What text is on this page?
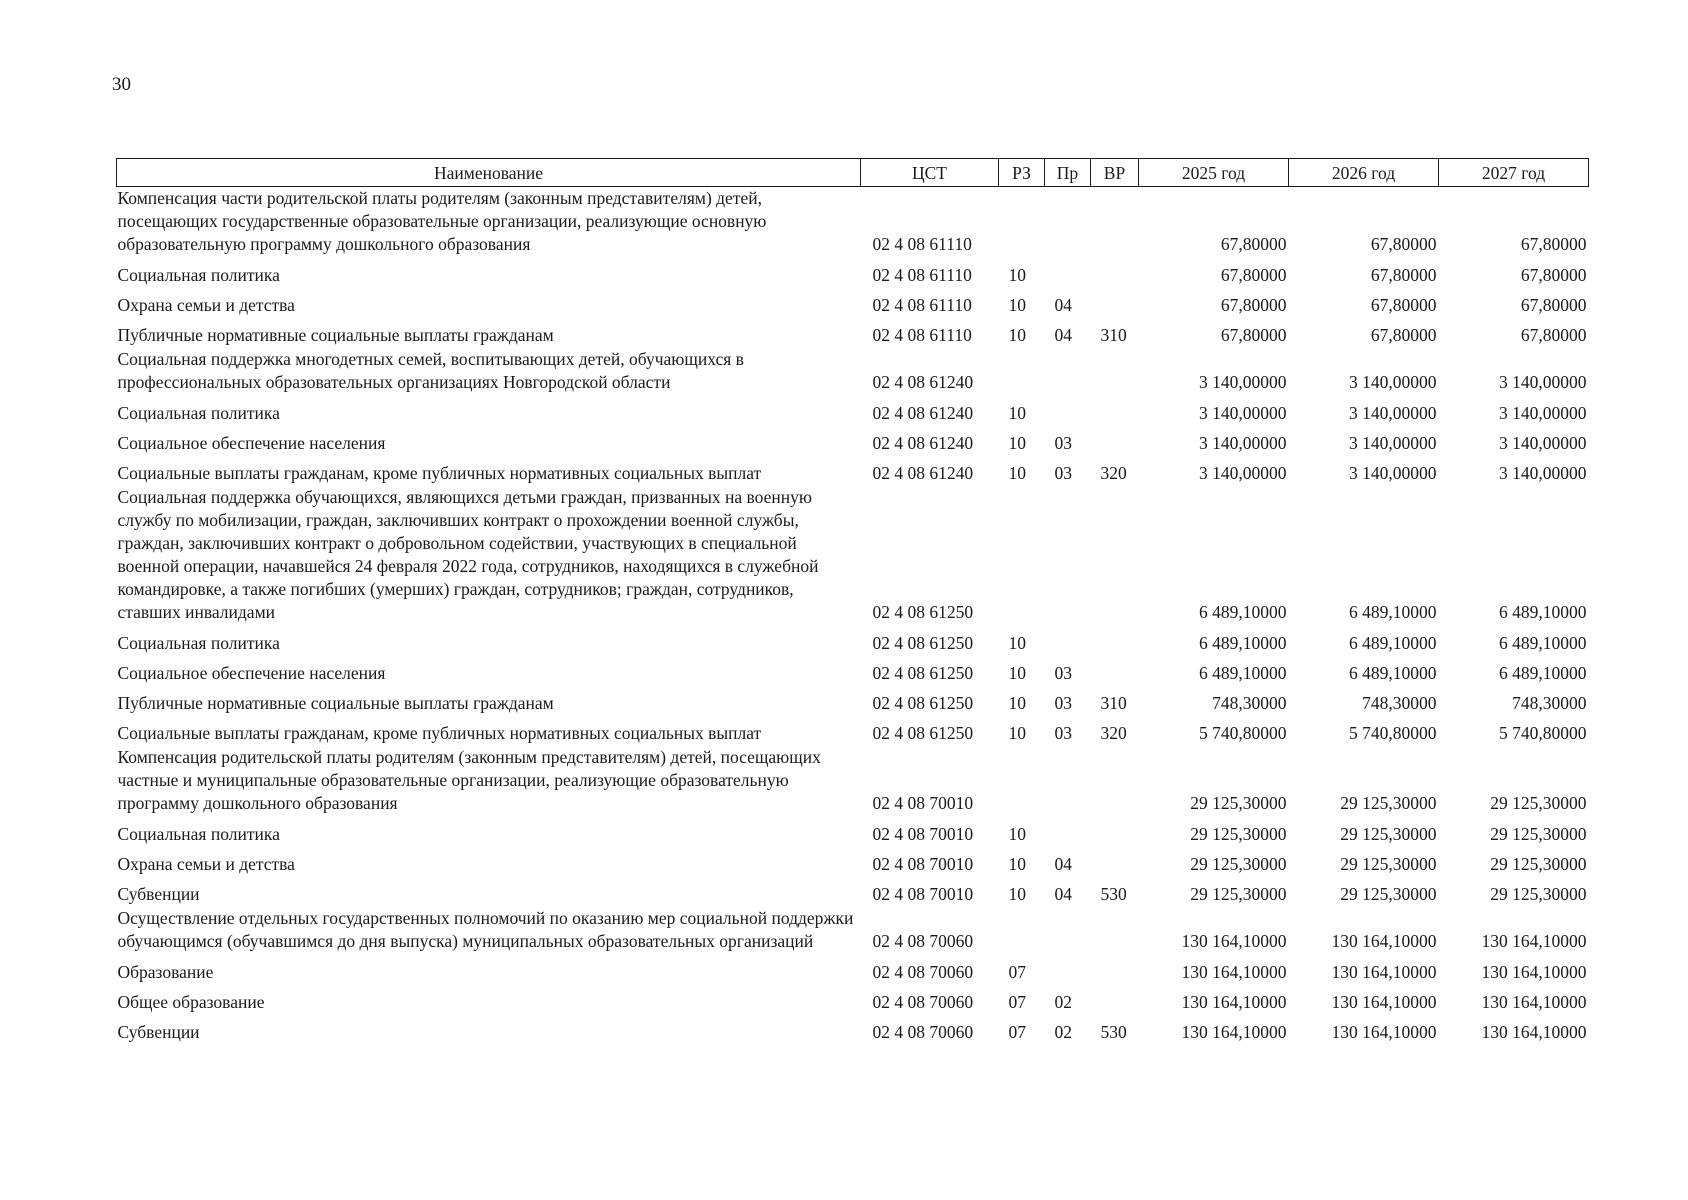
30
Наименование	ЦСТ	РЗ	Пр	ВР	2025 год	2026 год	2027 год
Компенсация части родительской платы родителям (законным представителям) детей, посещающих государственные образовательные организации, реализующие основную образовательную программу дошкольного образования	02 4 08 61110				67,80000	67,80000	67,80000
Социальная политика	02 4 08 61110	10			67,80000	67,80000	67,80000
Охрана семьи и детства	02 4 08 61110	10	04		67,80000	67,80000	67,80000
Публичные нормативные социальные выплаты гражданам	02 4 08 61110	10	04	310	67,80000	67,80000	67,80000
Социальная поддержка многодетных семей, воспитывающих детей, обучающихся в профессиональных образовательных организациях Новгородской области	02 4 08 61240				3 140,00000	3 140,00000	3 140,00000
Социальная политика	02 4 08 61240	10			3 140,00000	3 140,00000	3 140,00000
Социальное обеспечение населения	02 4 08 61240	10	03		3 140,00000	3 140,00000	3 140,00000
Социальные выплаты гражданам, кроме публичных нормативных социальных выплат	02 4 08 61240	10	03	320	3 140,00000	3 140,00000	3 140,00000
Социальная поддержка обучающихся, являющихся детьми граждан, призванных на военную службу по мобилизации, граждан, заключивших контракт о прохождении военной службы, граждан, заключивших контракт о добровольном содействии, участвующих в специальной военной операции, начавшейся 24 февраля 2022 года, сотрудников, находящихся в служебной командировке, а также погибших (умерших) граждан, сотрудников; граждан, сотрудников, ставших инвалидами	02 4 08 61250				6 489,10000	6 489,10000	6 489,10000
Социальная политика	02 4 08 61250	10			6 489,10000	6 489,10000	6 489,10000
Социальное обеспечение населения	02 4 08 61250	10	03		6 489,10000	6 489,10000	6 489,10000
Публичные нормативные социальные выплаты гражданам	02 4 08 61250	10	03	310	748,30000	748,30000	748,30000
Социальные выплаты гражданам, кроме публичных нормативных социальных выплат	02 4 08 61250	10	03	320	5 740,80000	5 740,80000	5 740,80000
Компенсация родительской платы родителям (законным представителям) детей, посещающих частные и муниципальные образовательные организации, реализующие образовательную программу дошкольного образования	02 4 08 70010				29 125,30000	29 125,30000	29 125,30000
Социальная политика	02 4 08 70010	10			29 125,30000	29 125,30000	29 125,30000
Охрана семьи и детства	02 4 08 70010	10	04		29 125,30000	29 125,30000	29 125,30000
Субвенции	02 4 08 70010	10	04	530	29 125,30000	29 125,30000	29 125,30000
Осуществление отдельных государственных полномочий по оказанию мер социальной поддержки обучающимся (обучавшимся до дня выпуска) муниципальных образовательных организаций	02 4 08 70060				130 164,10000	130 164,10000	130 164,10000
Образование	02 4 08 70060	07			130 164,10000	130 164,10000	130 164,10000
Общее образование	02 4 08 70060	07	02		130 164,10000	130 164,10000	130 164,10000
Субвенции	02 4 08 70060	07	02	530	130 164,10000	130 164,10000	130 164,10000
